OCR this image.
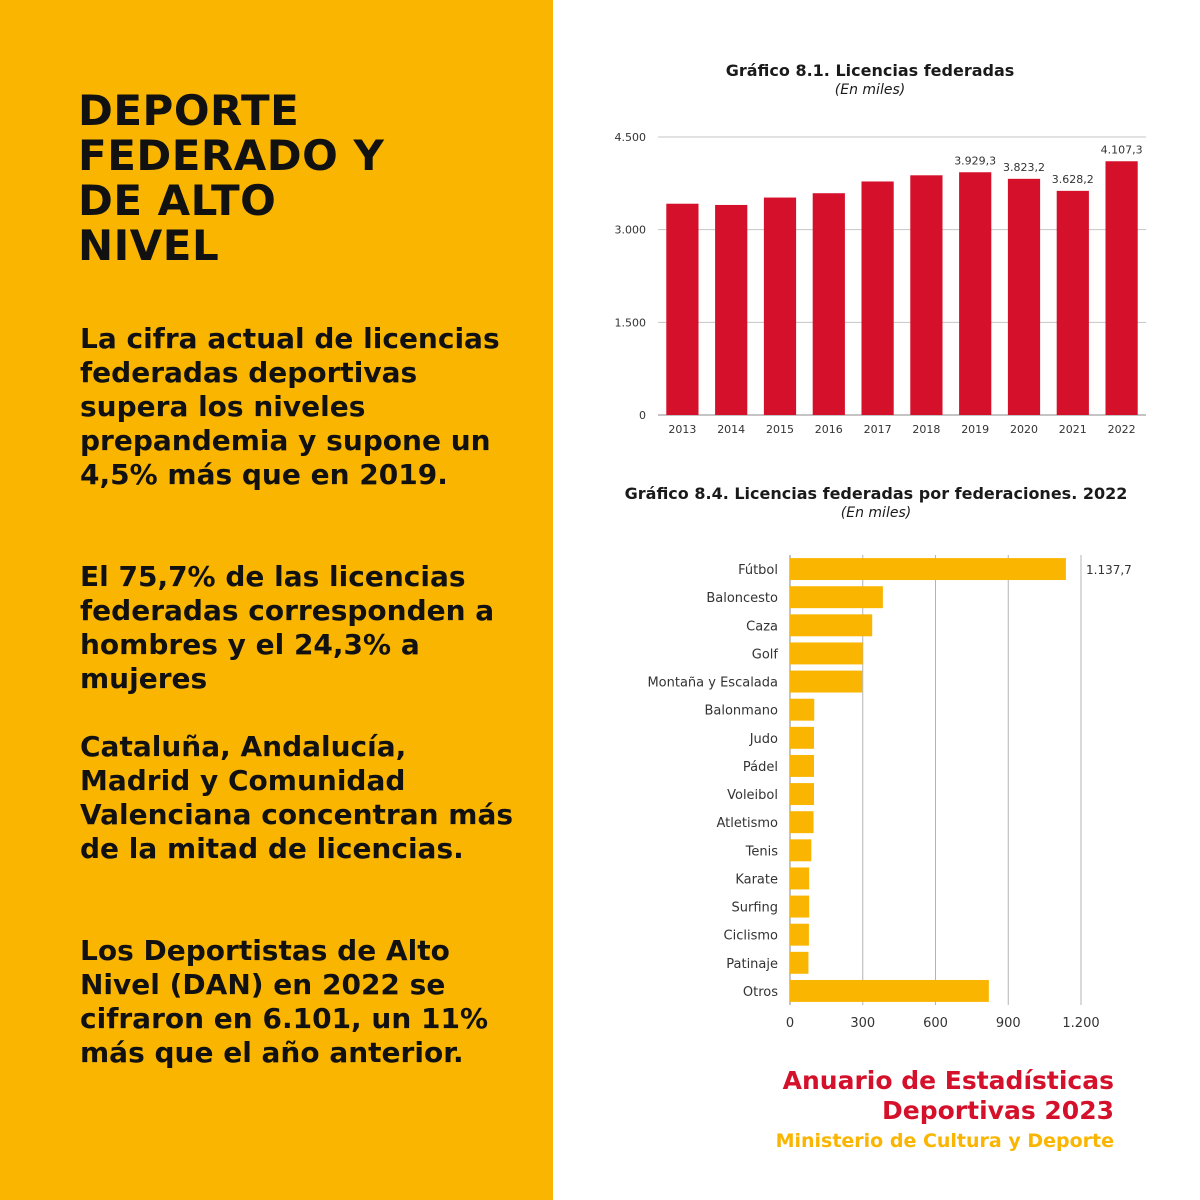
DEPORTE
FEDERADO Y
DE ALTO
NIVEL

La cifra actual de licencias federadas deportivas supera los niveles prepandemia y supone un 4,5% más que en 2019.

El 75,7% de las licencias federadas corresponden a hombres y el 24,3% a mujeres

Cataluña, Andalucía, Madrid y Comunidad Valenciana concentran más de la mitad de licencias.

Los Deportistas de Alto Nivel (DAN) en 2022 se cifraron en 6.101, un 11% más que el año anterior.

Gráfico 8.1. Licencias federadas
(En miles)
0
1.500
3.000
4.500
2013 2014 2015 2016 2017 2018 2019
3.929,3
2020
3.823,2
2021
3.628,2
2022
4.107,3
Gráfico 8.4. Licencias federadas por federaciones. 2022
(En miles)
0	300	600	900	1.200
Fútbol	1.137,7
Baloncesto
Caza
Golf
Montaña y Escalada
Balonmano
Judo
Pádel
Voleibol
Atletismo
Tenis
Karate
Surfing
Ciclismo
Patinaje
Otros
Anuario de Estadísticas
Deportivas 2023
Ministerio de Cultura y Deporte
